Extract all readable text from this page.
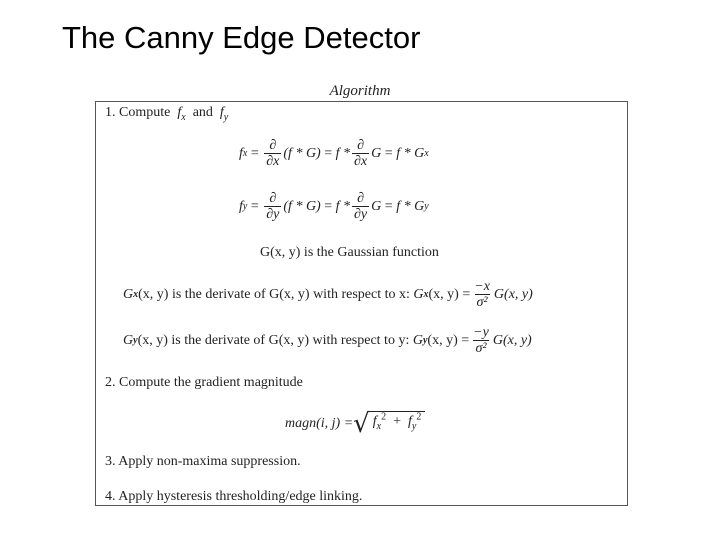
The Canny Edge Detector
Algorithm
1. Compute $f_x$ and $f_y$
f x
=
$\frac{\partial}{\partial x} (f * G)$
=
f * $\frac{\partial}{\partial x}$ G
=
f * G x
f y
=
$\frac{\partial}{\partial y} (f * G)$
=
f * $\frac{\partial}{\partial y}$ G
=
f * G y
G(x, y) is the Gaussian function
G x (x, y) is the derivate of G(x, y) with respect to x:
G x (x, $y) = \frac{-x}{\text{σ²}} G(x$, y)
G y (x, y) is the derivate of G(x, y) with respect to y:
G y (x, $y) = \frac{-y}{\text{σ²}} G(x$, y)
2. Compute the gradient magnitude
magn(i, j) = √ $f_x^2 + f_y^2$
3. Apply non-maxima suppression.
4. Apply hysteresis thresholding/edge linking.
